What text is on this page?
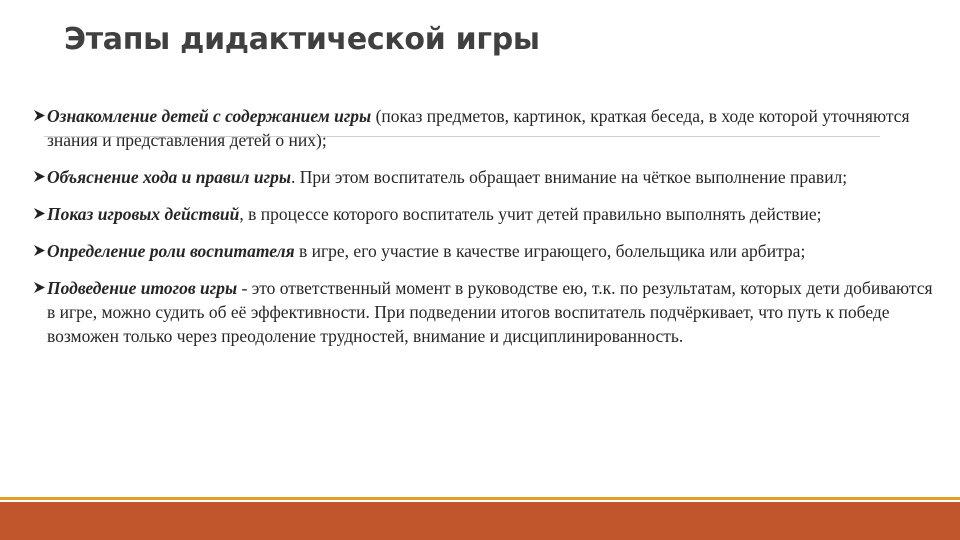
Этапы дидактической игры
Ознакомление детей с содержанием игры (показ предметов, картинок, краткая беседа, в ходе которой уточняются знания и представления детей о них);
Объяснение хода и правил игры. При этом воспитатель обращает внимание на чёткое выполнение правил;
Показ игровых действий, в процессе которого воспитатель учит детей правильно выполнять действие;
Определение роли воспитателя в игре, его участие в качестве играющего, болельщика или арбитра;
Подведение итогов игры - это ответственный момент в руководстве ею, т.к. по результатам, которых дети добиваются в игре, можно судить об её эффективности. При подведении итогов воспитатель подчёркивает, что путь к победе возможен только через преодоление трудностей, внимание и дисциплинированность.
